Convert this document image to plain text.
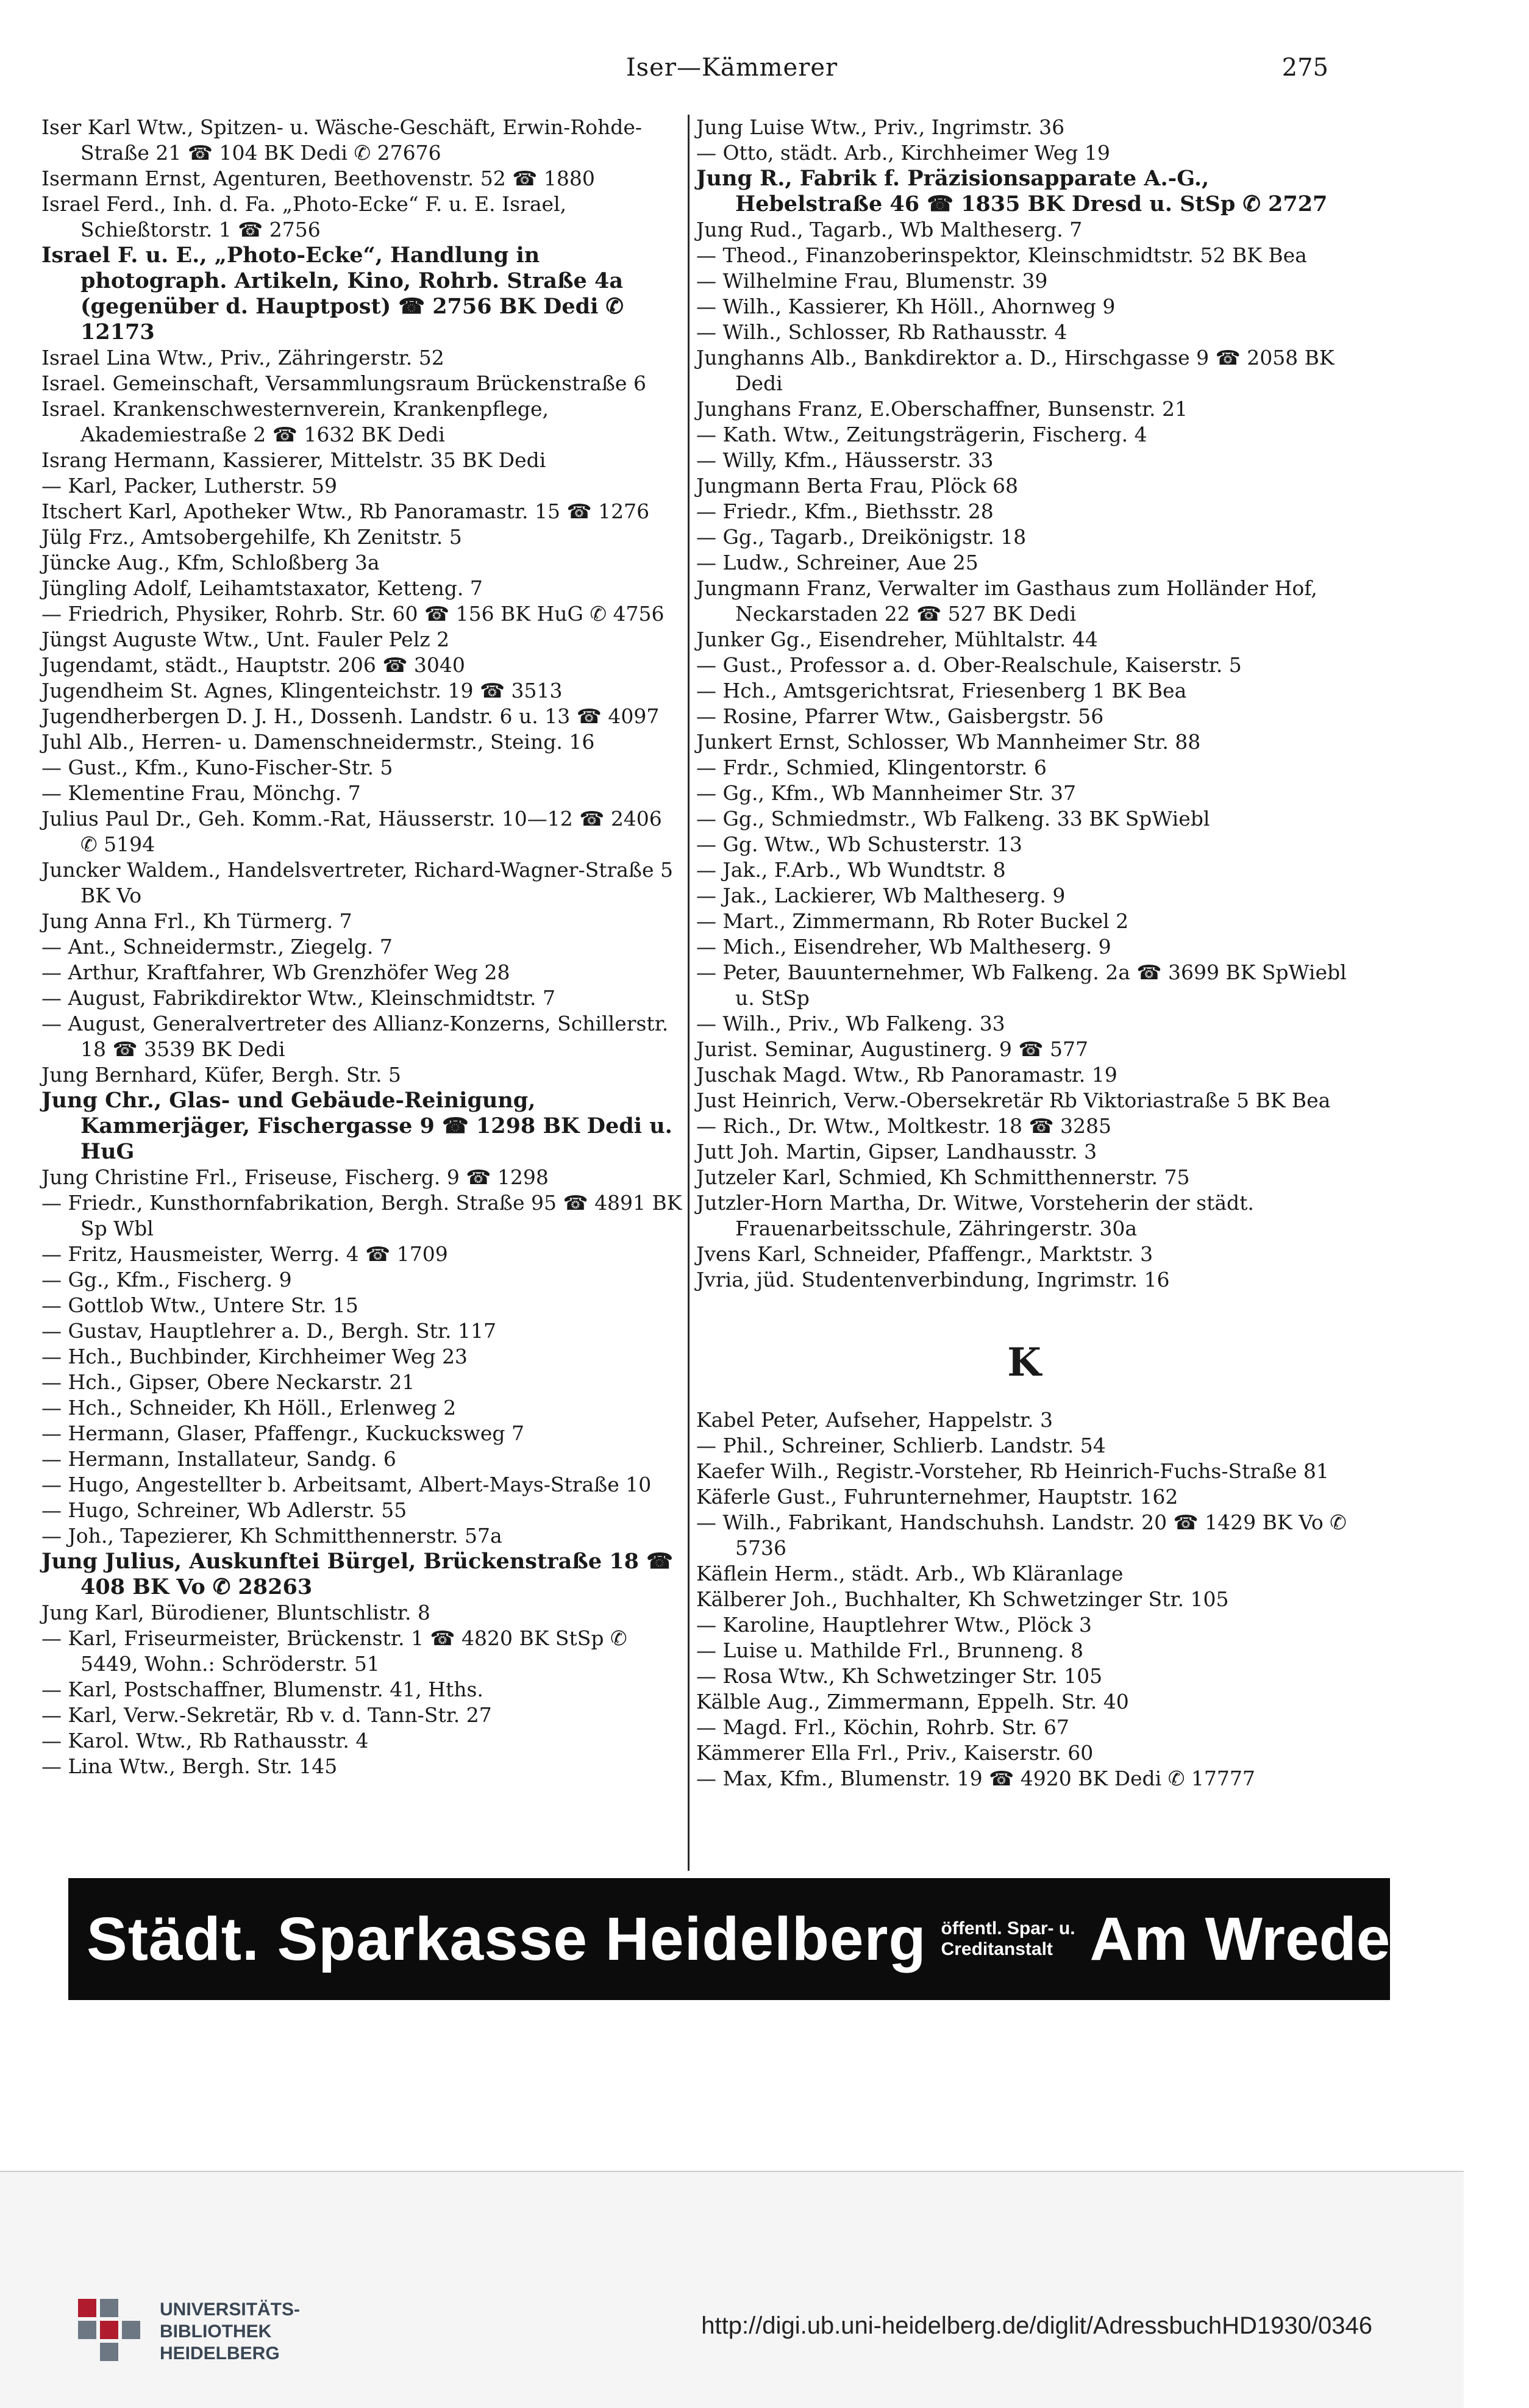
Iser—Kämmerer	275

Iser Karl Wtw., Spitzen- u. Wäsche-Geschäft, Erwin-Rohde-Straße 21 ☎ 104 BK Dedi ✆ 27676

Isermann Ernst, Agenturen, Beethovenstr. 52 ☎ 1880

Israel Ferd., Inh. d. Fa. „Photo-Ecke“ F. u. E. Israel, Schießtorstr. 1 ☎ 2756

Israel F. u. E., „Photo-Ecke“, Handlung in photograph. Artikeln, Kino, Rohrb. Straße 4a (gegenüber d. Hauptpost) ☎ 2756 BK Dedi ✆ 12173

Israel Lina Wtw., Priv., Zähringerstr. 52

Israel. Gemeinschaft, Versammlungsraum Brückenstraße 6

Israel. Krankenschwesternverein, Krankenpflege, Akademiestraße 2 ☎ 1632 BK Dedi

Israng Hermann, Kassierer, Mittelstr. 35 BK Dedi

— Karl, Packer, Lutherstr. 59

Itschert Karl, Apotheker Wtw., Rb Panoramastr. 15 ☎ 1276

Jülg Frz., Amtsobergehilfe, Kh Zenitstr. 5

Jüncke Aug., Kfm, Schloßberg 3a

Jüngling Adolf, Leihamtstaxator, Ketteng. 7

— Friedrich, Physiker, Rohrb. Str. 60 ☎ 156 BK HuG ✆ 4756

Jüngst Auguste Wtw., Unt. Fauler Pelz 2

Jugendamt, städt., Hauptstr. 206 ☎ 3040

Jugendheim St. Agnes, Klingenteichstr. 19 ☎ 3513

Jugendherbergen D. J. H., Dossenh. Landstr. 6 u. 13 ☎ 4097

Juhl Alb., Herren- u. Damenschneidermstr., Steing. 16

— Gust., Kfm., Kuno-Fischer-Str. 5

— Klementine Frau, Mönchg. 7

Julius Paul Dr., Geh. Komm.-Rat, Häusserstr. 10—12 ☎ 2406 ✆ 5194

Juncker Waldem., Handelsvertreter, Richard-Wagner-Straße 5 BK Vo

Jung Anna Frl., Kh Türmerg. 7

— Ant., Schneidermstr., Ziegelg. 7

— Arthur, Kraftfahrer, Wb Grenzhöfer Weg 28

— August, Fabrikdirektor Wtw., Kleinschmidtstr. 7

— August, Generalvertreter des Allianz-Konzerns, Schillerstr. 18 ☎ 3539 BK Dedi

Jung Bernhard, Küfer, Bergh. Str. 5

Jung Chr., Glas- und Gebäude-Reinigung, Kammerjäger, Fischergasse 9 ☎ 1298 BK Dedi u. HuG

Jung Christine Frl., Friseuse, Fischerg. 9 ☎ 1298

— Friedr., Kunsthornfabrikation, Bergh. Straße 95 ☎ 4891 BK Sp Wbl

— Fritz, Hausmeister, Werrg. 4 ☎ 1709

— Gg., Kfm., Fischerg. 9

— Gottlob Wtw., Untere Str. 15

— Gustav, Hauptlehrer a. D., Bergh. Str. 117

— Hch., Buchbinder, Kirchheimer Weg 23

— Hch., Gipser, Obere Neckarstr. 21

— Hch., Schneider, Kh Höll., Erlenweg 2

— Hermann, Glaser, Pfaffengr., Kuckucksweg 7

— Hermann, Installateur, Sandg. 6

— Hugo, Angestellter b. Arbeitsamt, Albert-Mays-Straße 10

— Hugo, Schreiner, Wb Adlerstr. 55

— Joh., Tapezierer, Kh Schmitthennerstr. 57a

Jung Julius, Auskunftei Bürgel, Brückenstraße 18 ☎ 408 BK Vo ✆ 28263

Jung Karl, Bürodiener, Bluntschlistr. 8

— Karl, Friseurmeister, Brückenstr. 1 ☎ 4820 BK StSp ✆ 5449, Wohn.: Schröderstr. 51

— Karl, Postschaffner, Blumenstr. 41, Hths.

— Karl, Verw.-Sekretär, Rb v. d. Tann-Str. 27

— Karol. Wtw., Rb Rathausstr. 4

— Lina Wtw., Bergh. Str. 145

Jung Luise Wtw., Priv., Ingrimstr. 36

— Otto, städt. Arb., Kirchheimer Weg 19

Jung R., Fabrik f. Präzisionsapparate A.-G., Hebelstraße 46 ☎ 1835 BK Dresd u. StSp ✆ 2727

Jung Rud., Tagarb., Wb Maltheserg. 7

— Theod., Finanzoberinspektor, Kleinschmidtstr. 52 BK Bea

— Wilhelmine Frau, Blumenstr. 39

— Wilh., Kassierer, Kh Höll., Ahornweg 9

— Wilh., Schlosser, Rb Rathausstr. 4

Junghanns Alb., Bankdirektor a. D., Hirschgasse 9 ☎ 2058 BK Dedi

Junghans Franz, E.Oberschaffner, Bunsenstr. 21

— Kath. Wtw., Zeitungsträgerin, Fischerg. 4

— Willy, Kfm., Häusserstr. 33

Jungmann Berta Frau, Plöck 68

— Friedr., Kfm., Biethsstr. 28

— Gg., Tagarb., Dreikönigstr. 18

— Ludw., Schreiner, Aue 25

Jungmann Franz, Verwalter im Gasthaus zum Holländer Hof, Neckarstaden 22 ☎ 527 BK Dedi

Junker Gg., Eisendreher, Mühltalstr. 44

— Gust., Professor a. d. Ober-Realschule, Kaiserstr. 5

— Hch., Amtsgerichtsrat, Friesenberg 1 BK Bea

— Rosine, Pfarrer Wtw., Gaisbergstr. 56

Junkert Ernst, Schlosser, Wb Mannheimer Str. 88

— Frdr., Schmied, Klingentorstr. 6

— Gg., Kfm., Wb Mannheimer Str. 37

— Gg., Schmiedmstr., Wb Falkeng. 33 BK SpWiebl

— Gg. Wtw., Wb Schusterstr. 13

— Jak., F.Arb., Wb Wundtstr. 8

— Jak., Lackierer, Wb Maltheserg. 9

— Mart., Zimmermann, Rb Roter Buckel 2

— Mich., Eisendreher, Wb Maltheserg. 9

— Peter, Bauunternehmer, Wb Falkeng. 2a ☎ 3699 BK SpWiebl u. StSp

— Wilh., Priv., Wb Falkeng. 33

Jurist. Seminar, Augustinerg. 9 ☎ 577

Juschak Magd. Wtw., Rb Panoramastr. 19

Just Heinrich, Verw.-Obersekretär Rb Viktoriastraße 5 BK Bea

— Rich., Dr. Wtw., Moltkestr. 18 ☎ 3285

Jutt Joh. Martin, Gipser, Landhausstr. 3

Jutzeler Karl, Schmied, Kh Schmitthennerstr. 75

Jutzler-Horn Martha, Dr. Witwe, Vorsteherin der städt. Frauenarbeitsschule, Zähringerstr. 30a

Jvens Karl, Schneider, Pfaffengr., Marktstr. 3

Jvria, jüd. Studentenverbindung, Ingrimstr. 16

K

Kabel Peter, Aufseher, Happelstr. 3

— Phil., Schreiner, Schlierb. Landstr. 54

Kaefer Wilh., Registr.-Vorsteher, Rb Heinrich-Fuchs-Straße 81

Käferle Gust., Fuhrunternehmer, Hauptstr. 162

— Wilh., Fabrikant, Handschuhsh. Landstr. 20 ☎ 1429 BK Vo ✆ 5736

Käflein Herm., städt. Arb., Wb Kläranlage

Kälberer Joh., Buchhalter, Kh Schwetzinger Str. 105

— Karoline, Hauptlehrer Wtw., Plöck 3

— Luise u. Mathilde Frl., Brunneng. 8

— Rosa Wtw., Kh Schwetzinger Str. 105

Kälble Aug., Zimmermann, Eppelh. Str. 40

— Magd. Frl., Köchin, Rohrb. Str. 67

Kämmerer Ella Frl., Priv., Kaiserstr. 60

— Max, Kfm., Blumenstr. 19 ☎ 4920 BK Dedi ✆ 17777

Städt. Sparkasse Heidelberg öffentl. Spar- u.
Creditanstalt Am Wredeplatz
UNIVERSITÄTS-
BIBLIOTHEK
HEIDELBERG
http://digi.ub.uni-heidelberg.de/diglit/AdressbuchHD1930/0346
